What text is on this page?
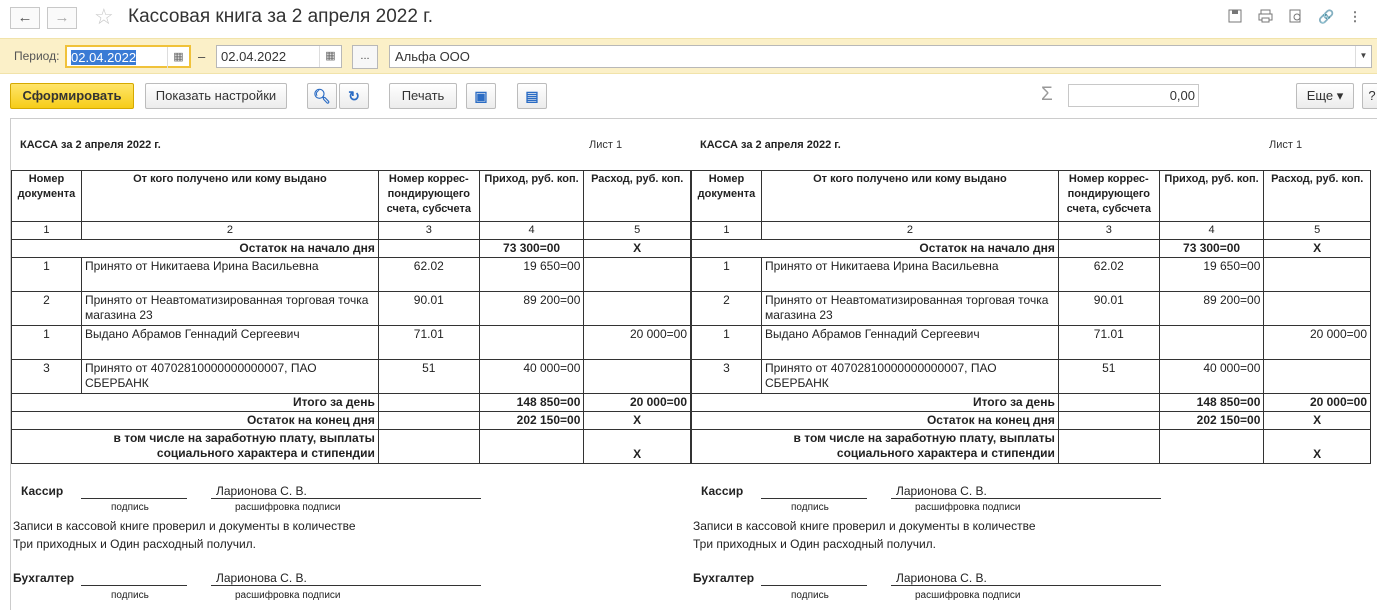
←	→	☆ Кассовая книга за 2 апреля 2022 г.	🔗 ⋮
Период: 02.04.2022	▦	–	02.04.2022	▦	...	Альфа ООО	▼
Сформировать	Показать настройки	🔍︎	↻	Печать	▣	▤	Σ	0,00	Еще ▾	?
КАССА за 2 апреля 2022 г.	Лист 1
Номер документа	От кого получено или кому выдано	Номер коррес-пондирующего счета, субсчета	Приход, руб. коп.	Расход, руб. коп.
1	2	3	4	5
Остаток на начало дня			73 300=00	X
1	Принято от Никитаева Ирина Васильевна	62.02	19 650=00	
2	Принято от Неавтоматизированная торговая точка магазина 23	90.01	89 200=00	
1	Выдано Абрамов Геннадий Сергеевич	71.01		20 000=00
3	Принято от 40702810000000000007, ПАО СБЕРБАНК	51	40 000=00	
Итого за день			148 850=00	20 000=00
Остаток на конец дня			202 150=00	X
в том числе на заработную плату, выплаты социального характера и стипендии				X
Кассир	Ларионова С. В.
подпись	расшифровка подписи
Записи в кассовой книге проверил и документы в количестве
Три приходных и Один расходный получил.
Бухгалтер	Ларионова С. В.
подпись	расшифровка подписи
КАССА за 2 апреля 2022 г.	Лист 1
Номер документа	От кого получено или кому выдано	Номер коррес-пондирующего счета, субсчета	Приход, руб. коп.	Расход, руб. коп.
1	2	3	4	5
Остаток на начало дня			73 300=00	X
1	Принято от Никитаева Ирина Васильевна	62.02	19 650=00	
2	Принято от Неавтоматизированная торговая точка магазина 23	90.01	89 200=00	
1	Выдано Абрамов Геннадий Сергеевич	71.01		20 000=00
3	Принято от 40702810000000000007, ПАО СБЕРБАНК	51	40 000=00	
Итого за день			148 850=00	20 000=00
Остаток на конец дня			202 150=00	X
в том числе на заработную плату, выплаты социального характера и стипендии				X
Кассир	Ларионова С. В.
подпись	расшифровка подписи
Записи в кассовой книге проверил и документы в количестве
Три приходных и Один расходный получил.
Бухгалтер	Ларионова С. В.
подпись	расшифровка подписи
